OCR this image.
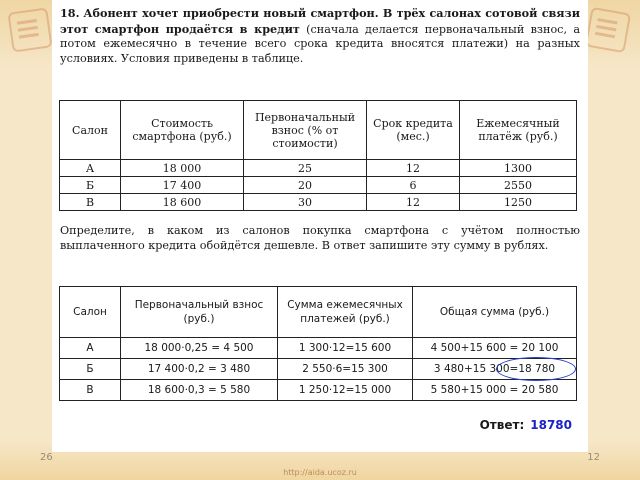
18. Абонент хочет приобрести новый смартфон. В трёх салонах сотовой связи этот смартфон продаётся в кредит (сначала делается первоначальный взнос, а потом ежемесячно в течение всего срока кредита вносятся платежи) на разных условиях. Условия приведены в таблице.

Салон	Стоимость смартфона (руб.)	Первоначальный взнос (% от стоимости)	Срок кредита (мес.)	Ежемесячный платёж (руб.)
А	18 000	25	12	1300
Б	17 400	20	6	2550
В	18 600	30	12	1250

Определите, в каком из салонов покупка смартфона с учётом полностью выплаченного кредита обойдётся дешевле. В ответ запишите эту сумму в рублях.

Салон	Первоначальный взнос (руб.)	Сумма ежемесячных платежей (руб.)	Общая сумма (руб.)
А	18 000·0,25 = 4 500	1 300·12=15 600	4 500+15 600 = 20 100
Б	17 400·0,2 = 3 480	2 550·6=15 300	3 480+15 300=18 780

В	18 600·0,3 = 5 580	1 250·12=15 000	5 580+15 000 = 20 580
Ответ: 18780
26	12
http://aida.ucoz.ru
